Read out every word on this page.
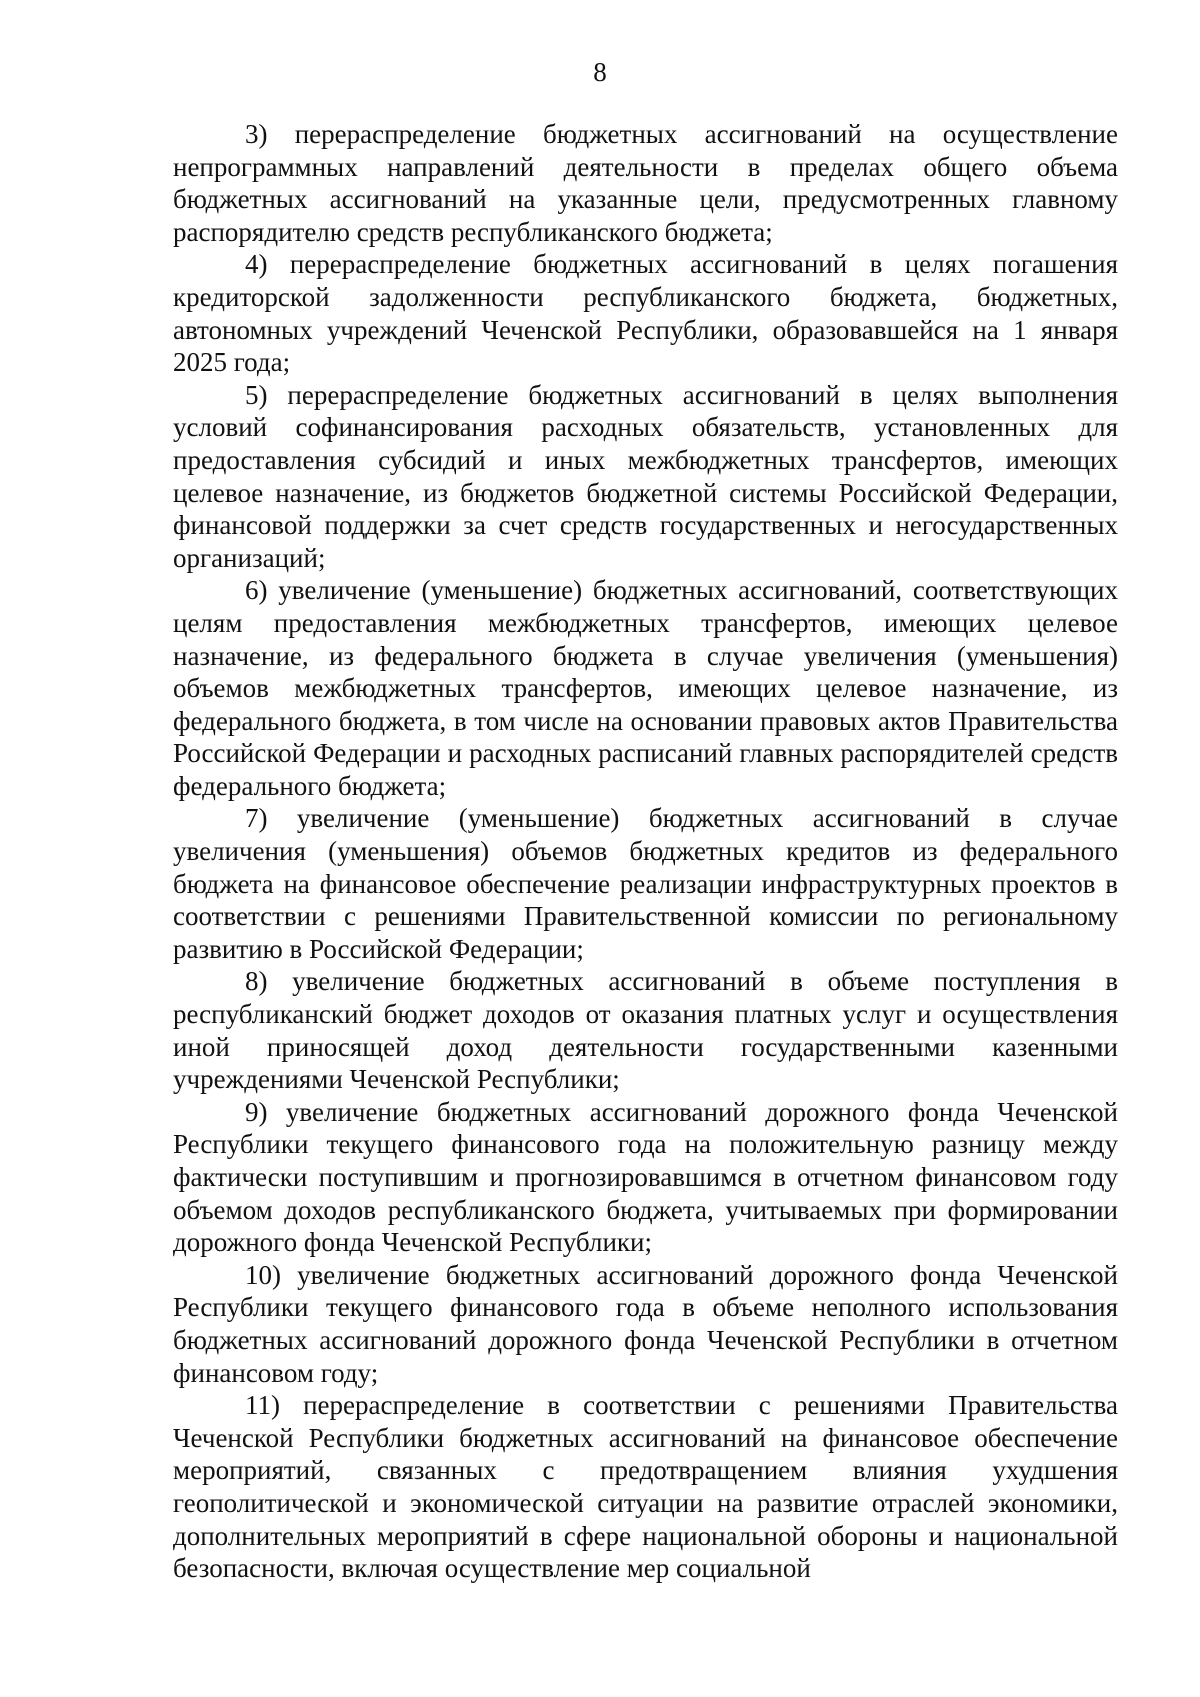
8

3) перераспределение бюджетных ассигнований на осуществление непрограммных направлений деятельности в пределах общего объема бюджетных ассигнований на указанные цели, предусмотренных главному распорядителю средств республиканского бюджета;

4) перераспределение бюджетных ассигнований в целях погашения кредиторской задолженности республиканского бюджета, бюджетных, автономных учреждений Чеченской Республики, образовавшейся на 1 января 2025 года;

5) перераспределение бюджетных ассигнований в целях выполнения условий софинансирования расходных обязательств, установленных для предоставления субсидий и иных межбюджетных трансфертов, имеющих целевое назначение, из бюджетов бюджетной системы Российской Федерации, финансовой поддержки за счет средств государственных и негосударственных организаций;

6) увеличение (уменьшение) бюджетных ассигнований, соответствующих целям предоставления межбюджетных трансфертов, имеющих целевое назначение, из федерального бюджета в случае увеличения (уменьшения) объемов межбюджетных трансфертов, имеющих целевое назначение, из федерального бюджета, в том числе на основании правовых актов Правительства Российской Федерации и расходных расписаний главных распорядителей средств федерального бюджета;

7) увеличение (уменьшение) бюджетных ассигнований в случае увеличения (уменьшения) объемов бюджетных кредитов из федерального бюджета на финансовое обеспечение реализации инфраструктурных проектов в соответствии с решениями Правительственной комиссии по региональному развитию в Российской Федерации;

8) увеличение бюджетных ассигнований в объеме поступления в республиканский бюджет доходов от оказания платных услуг и осуществления иной приносящей доход деятельности государственными казенными учреждениями Чеченской Республики;

9) увеличение бюджетных ассигнований дорожного фонда Чеченской Республики текущего финансового года на положительную разницу между фактически поступившим и прогнозировавшимся в отчетном финансовом году объемом доходов республиканского бюджета, учитываемых при формировании дорожного фонда Чеченской Республики;

10) увеличение бюджетных ассигнований дорожного фонда Чеченской Республики текущего финансового года в объеме неполного использования бюджетных ассигнований дорожного фонда Чеченской Республики в отчетном финансовом году;

11) перераспределение в соответствии с решениями Правительства Чеченской Республики бюджетных ассигнований на финансовое обеспечение мероприятий, связанных с предотвращением влияния ухудшения геополитической и экономической ситуации на развитие отраслей экономики, дополнительных мероприятий в сфере национальной обороны и национальной безопасности, включая осуществление мер социальной
